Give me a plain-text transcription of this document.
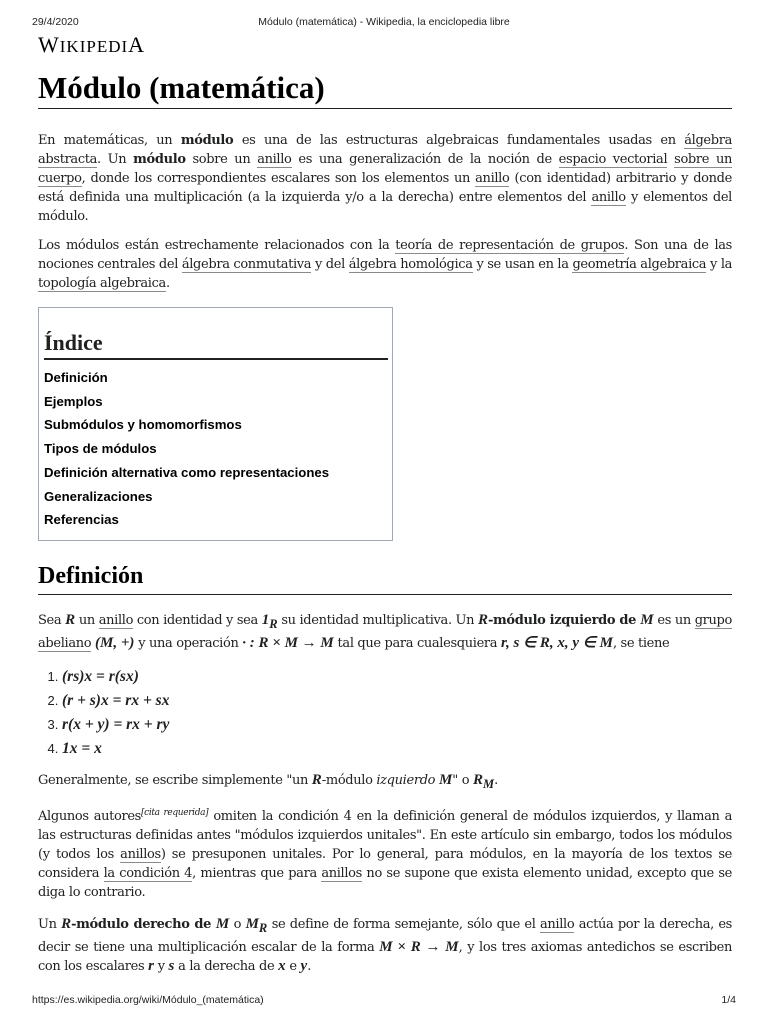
29/4/2020	Módulo (matemática) - Wikipedia, la enciclopedia libre
WIKIPEDIA
Módulo (matemática)

En matemáticas, un módulo es una de las estructuras algebraicas fundamentales usadas en álgebra abstracta. Un módulo sobre un anillo es una generalización de la noción de espacio vectorial sobre un cuerpo, donde los correspondientes escalares son los elementos un anillo (con identidad) arbitrario y donde está definida una multiplicación (a la izquierda y/o a la derecha) entre elementos del anillo y elementos del módulo.

Los módulos están estrechamente relacionados con la teoría de representación de grupos. Son una de las nociones centrales del álgebra conmutativa y del álgebra homológica y se usan en la geometría algebraica y la topología algebraica.

Índice
Definición
Ejemplos
Submódulos y homomorfismos
Tipos de módulos
Definición alternativa como representaciones
Generalizaciones
Referencias
Definición

Sea R un anillo con identidad y sea $1_R$ su identidad multiplicativa. Un R-módulo izquierdo de M es un grupo abeliano (M, +) y una operación · : R × M → M tal que para cualesquiera r, s ∈ R, x, y ∈ M, se tiene

1. (rs)x = r(sx)
2. (r + s)x = rx + sx
3. r(x + y) = rx + ry
4. 1x = x

Generalmente, se escribe simplemente "un R-módulo izquierdo M" o $R_M$.

Algunos autores[cita requerida] omiten la condición 4 en la definición general de módulos izquierdos, y llaman a las estructuras definidas antes "módulos izquierdos unitales". En este artículo sin embargo, todos los módulos (y todos los anillos) se presuponen unitales. Por lo general, para módulos, en la mayoría de los textos se considera la condición 4, mientras que para anillos no se supone que exista elemento unidad, excepto que se diga lo contrario.

Un R-módulo derecho de M o $M_R$ se define de forma semejante, sólo que el anillo actúa por la derecha, es decir se tiene una multiplicación escalar de la forma M × R → M, y los tres axiomas antedichos se escriben con los escalares r y s a la derecha de x e y.

https://es.wikipedia.org/wiki/Módulo_(matemática)	1/4
